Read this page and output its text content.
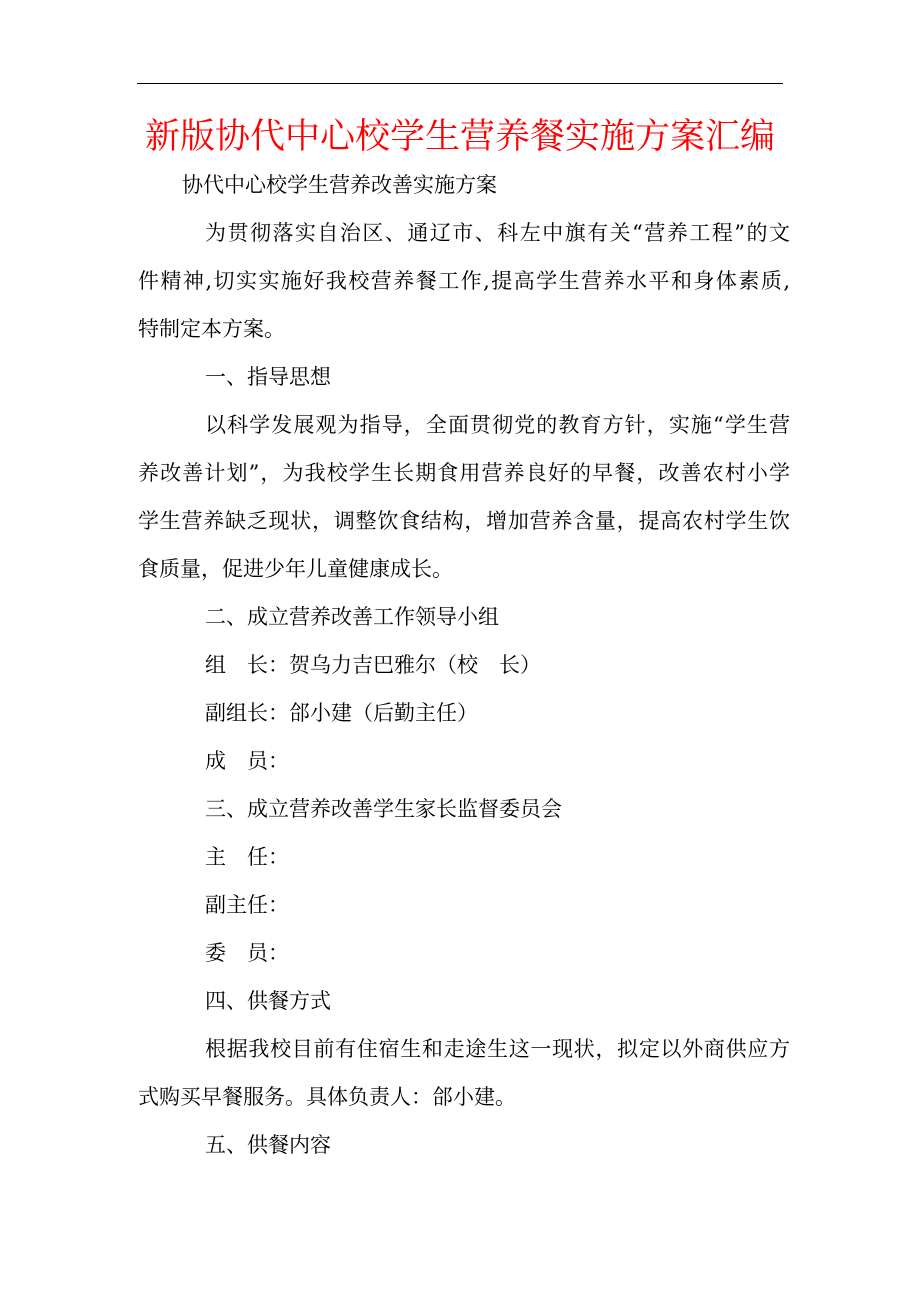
新版协代中心校学生营养餐实施方案汇编
协代中心校学生营养改善实施方案
为贯彻落实自治区、通辽市、科左中旗有关“营养工程”的文
件精神,切实实施好我校营养餐工作,提高学生营养水平和身体素质,
特制定本方案。
一、指导思想
以科学发展观为指导，全面贯彻党的教育方针，实施“学生营
养改善计划”，为我校学生长期食用营养良好的早餐，改善农村小学
学生营养缺乏现状，调整饮食结构，增加营养含量，提高农村学生饮
食质量，促进少年儿童健康成长。
二、成立营养改善工作领导小组
组　长：贺乌力吉巴雅尔（校　长）
副组长：郃小建（后勤主任）
成　员：
三、成立营养改善学生家长监督委员会
主　任：
副主任：
委　员：
四、供餐方式
根据我校目前有住宿生和走途生这一现状，拟定以外商供应方
式购买早餐服务。具体负责人：郃小建。
五、供餐内容
